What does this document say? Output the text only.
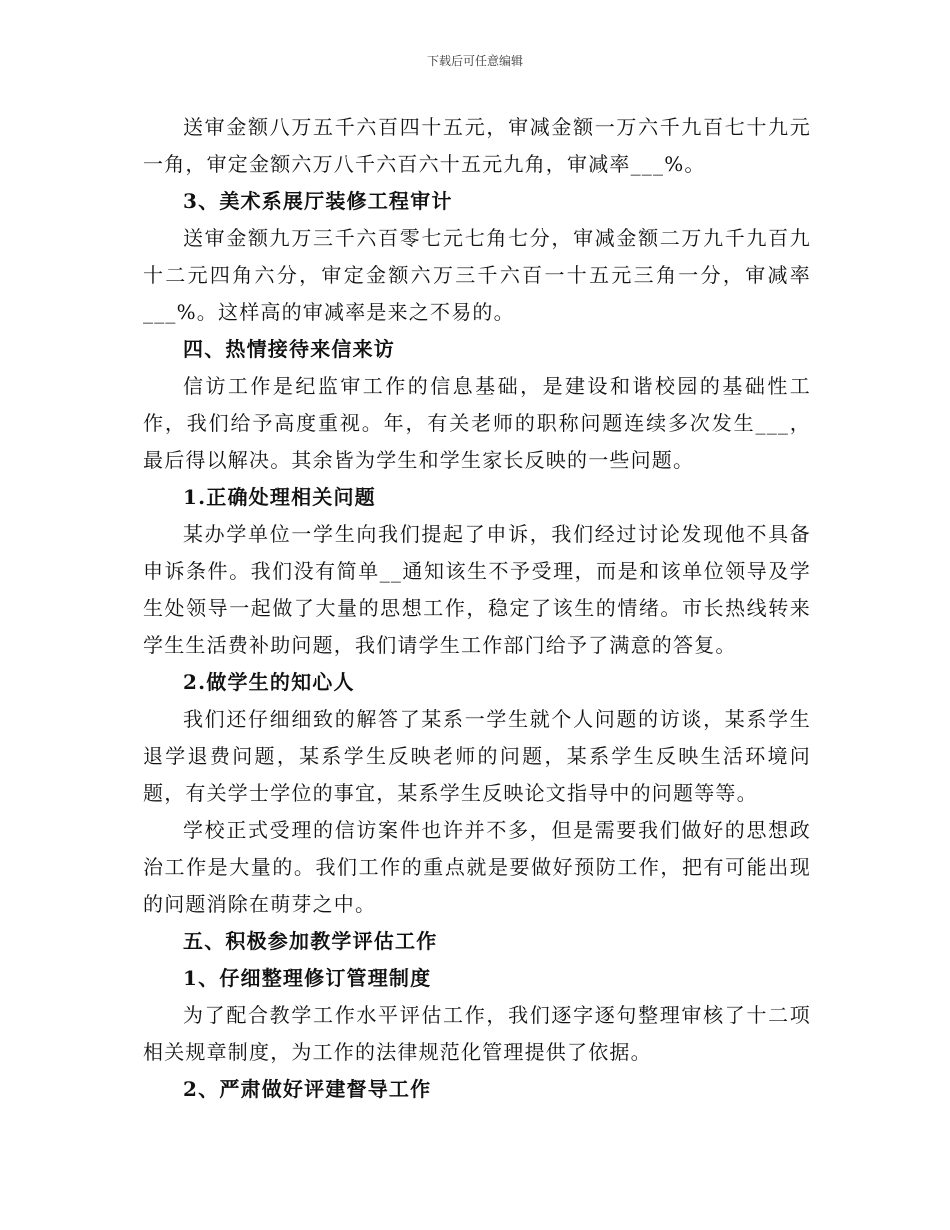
下载后可任意编辑

送审金额八万五千六百四十五元，审减金额一万六千九百七十九元一角，审定金额六万八千六百六十五元九角，审减率___%。

3、美术系展厅装修工程审计

送审金额九万三千六百零七元七角七分，审减金额二万九千九百九十二元四角六分，审定金额六万三千六百一十五元三角一分，审减率___%。这样高的审减率是来之不易的。

四、热情接待来信来访

信访工作是纪监审工作的信息基础，是建设和谐校园的基础性工作，我们给予高度重视。年，有关老师的职称问题连续多次发生___，最后得以解决。其余皆为学生和学生家长反映的一些问题。

1.正确处理相关问题

某办学单位一学生向我们提起了申诉，我们经过讨论发现他不具备申诉条件。我们没有简单__通知该生不予受理，而是和该单位领导及学生处领导一起做了大量的思想工作，稳定了该生的情绪。市长热线转来学生生活费补助问题，我们请学生工作部门给予了满意的答复。

2.做学生的知心人

我们还仔细细致的解答了某系一学生就个人问题的访谈，某系学生退学退费问题，某系学生反映老师的问题，某系学生反映生活环境问题，有关学士学位的事宜，某系学生反映论文指导中的问题等等。

学校正式受理的信访案件也许并不多，但是需要我们做好的思想政治工作是大量的。我们工作的重点就是要做好预防工作，把有可能出现的问题消除在萌芽之中。

五、积极参加教学评估工作

1、仔细整理修订管理制度

为了配合教学工作水平评估工作，我们逐字逐句整理审核了十二项相关规章制度，为工作的法律规范化管理提供了依据。

2、严肃做好评建督导工作
